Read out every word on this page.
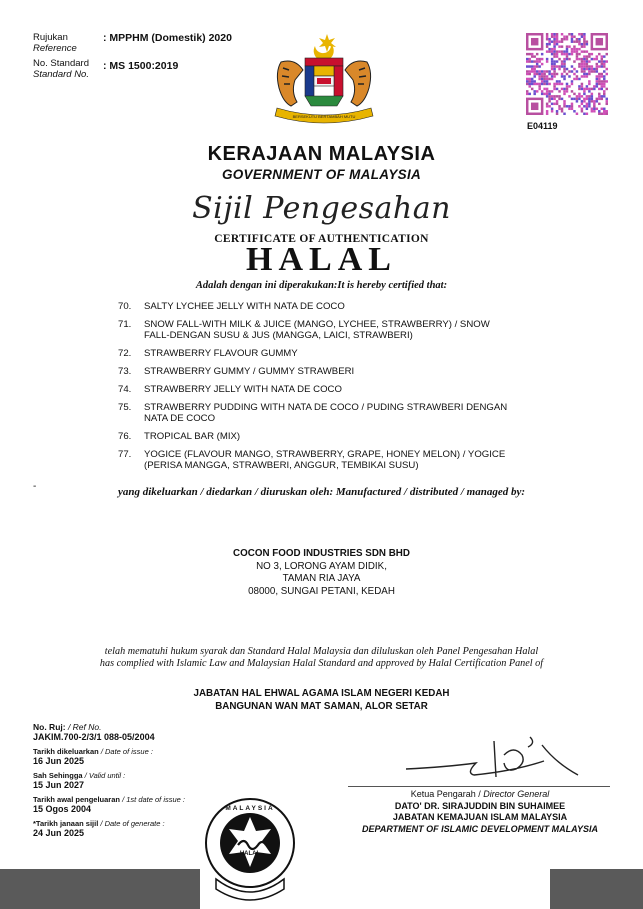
Rujukan
Reference
: MPPHM (Domestik) 2020
No. Standard
Standard No.
: MS 1500:2019
BERSEKUTU BERTAMBAH MUTU
E04119
KERAJAAN MALAYSIA
GOVERNMENT OF MALAYSIA
Sijil Pengesahan
CERTIFICATE OF AUTHENTICATION
HALAL
Adalah dengan ini diperakukan:It is hereby certified that:
70.	SALTY LYCHEE JELLY WITH NATA DE COCO
71.	SNOW FALL-WITH MILK & JUICE (MANGO, LYCHEE, STRAWBERRY) / SNOW FALL-DENGAN SUSU & JUS (MANGGA, LAICI, STRAWBERI)
72.	STRAWBERRY FLAVOUR GUMMY
73.	STRAWBERRY GUMMY / GUMMY STRAWBERI
74.	STRAWBERRY JELLY WITH NATA DE COCO
75.	STRAWBERRY PUDDING WITH NATA DE COCO / PUDING STRAWBERI DENGAN NATA DE COCO
76.	TROPICAL BAR (MIX)
77.	YOGICE (FLAVOUR MANGO, STRAWBERRY, GRAPE, HONEY MELON) / YOGICE (PERISA MANGGA, STRAWBERI, ANGGUR, TEMBIKAI SUSU)
-	yang dikeluarkan / diedarkan / diuruskan oleh: Manufactured / distributed / managed by:
COCON FOOD INDUSTRIES SDN BHD
NO 3, LORONG AYAM DIDIK,
TAMAN RIA JAYA
08000, SUNGAI PETANI, KEDAH
telah mematuhi hukum syarak dan Standard Halal Malaysia dan diluluskan oleh Panel Pengesahan Halal
has complied with Islamic Law and Malaysian Halal Standard and approved by Halal Certification Panel of
JABATAN HAL EHWAL AGAMA ISLAM NEGERI KEDAH
BANGUNAN WAN MAT SAMAN, ALOR SETAR
No. Ruj: / Ref No.
JAKIM.700-2/3/1 088-05/2004
Tarikh dikeluarkan / Date of issue :
16 Jun 2025
Sah Sehingga / Valid until :
15 Jun 2027
Tarikh awal pengeluaran / 1st date of issue :
15 Ogos 2004
*Tarikh janaan sijil / Date of generate :
24 Jun 2025
Ketua Pengarah / Director General
DATO' DR. SIRAJUDDIN BIN SUHAIMEE
JABATAN KEMAJUAN ISLAM MALAYSIA
DEPARTMENT OF ISLAMIC DEVELOPMENT MALAYSIA
HALAL
MALAYSIA
